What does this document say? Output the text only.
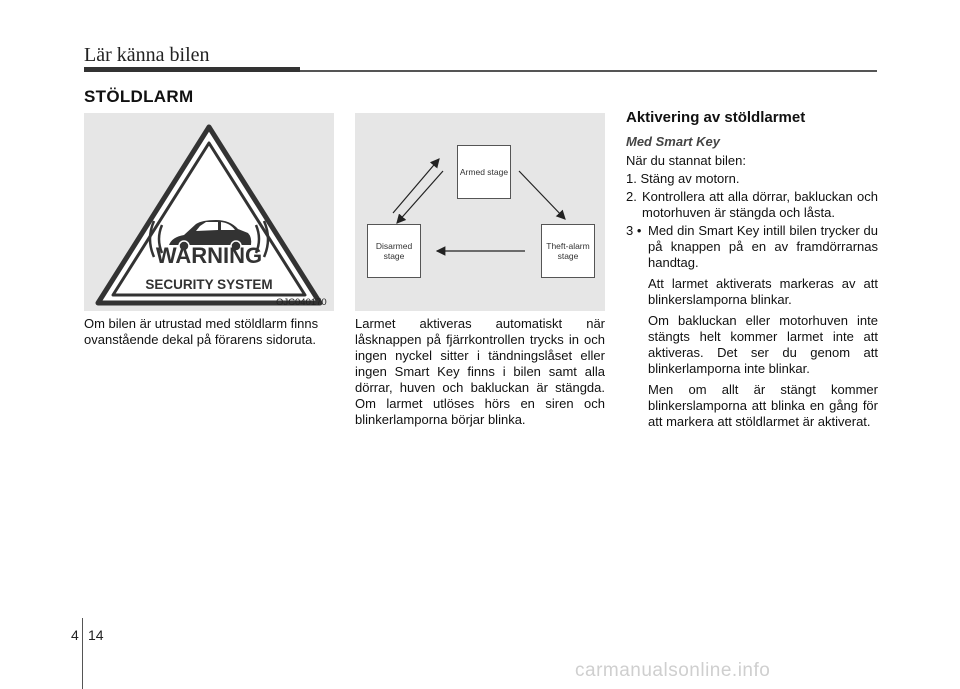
Lär känna bilen
STÖLDLARM
WARNING
SECURITY SYSTEM
OJC040170
Armed stage
Disarmed stage
Theft-alarm stage
Om bilen är utrustad med stöldlarm finns ovanstående dekal på förarens sidoruta.
Larmet aktiveras automatiskt när låsknappen på fjärrkontrollen trycks in och ingen nyckel sitter i tändningslåset eller ingen Smart Key finns i bilen samt alla dörrar, huven och bakluckan är stängda. Om larmet utlöses hörs en siren och blinkerlamporna börjar blinka.
Aktivering av stöldlarmet
Med Smart Key
När du stannat bilen:
1. Stäng av motorn.
2. Kontrollera att alla dörrar, bakluckan och motorhuven är stängda och låsta.
3 • Med din Smart Key intill bilen trycker du på knappen på en av framdörrarnas handtag.
Att larmet aktiverats markeras av att blinkerslamporna blinkar.
Om bakluckan eller motorhuven inte stängts helt kommer larmet inte att aktiveras. Det ser du genom att blinkerlamporna inte blinkar.
Men om allt är stängt kommer blinkerslamporna att blinka en gång för att markera att stöldlarmet är aktiverat.
4 14
carmanualsonline.info
